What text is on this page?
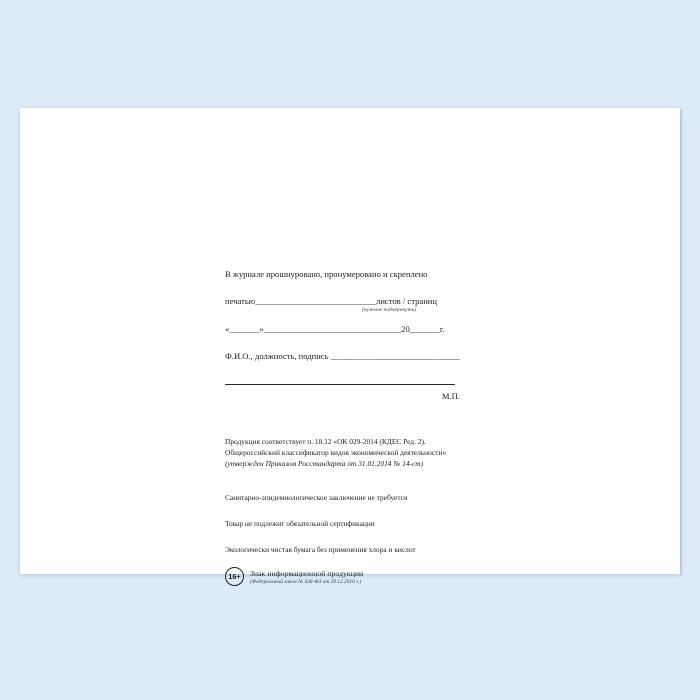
В журнале прошнуровано, пронумеровано и скреплено
печатью_______________________________листов / страниц
(нужное подчеркнуть)
«_______»________________________________20_______г.
Ф.И.О., должность, подпись ______________________________
М.П.
Продукция соответствует п. 18.12 «ОК 029-2014 (КДЕС Ред. 2).
Общероссийский классификатор видов экономической деятельности»
(утвержден Приказом Росстандарта от 31.01.2014 № 14-ст)
Санитарно-эпидемиологическое заключение не требуется
Товар не подлежит обязательной сертификации
Экологически чистая бумага без применения хлора и кислот
16+	Знак информационной продукции
(Федеральный закон № 436-ФЗ от 29.12.2010 г.)
